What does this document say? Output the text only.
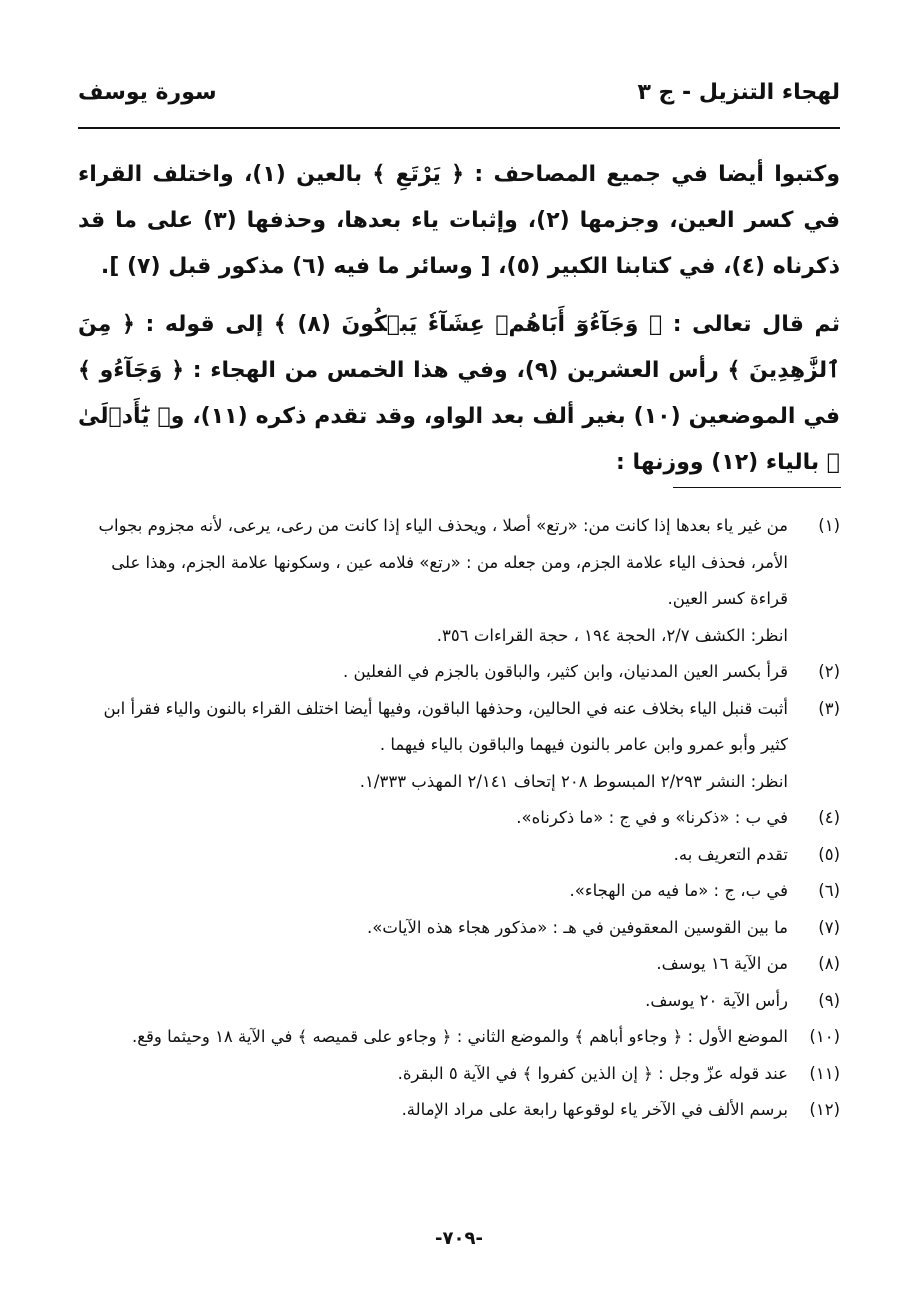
لهجاء التنزيل - ج ٣
سورة يوسف

وكتبوا أيضا في جميع المصاحف : ﴿ يَرْتَعِ ﴾ بالعين (١)، واختلف القراء في كسر العين، وجزمها (٢)، وإثبات ياء بعدها، وحذفها (٣) على ما قد ذكرناه (٤)، في كتابنا الكبير (٥)، [ وسائر ما فيه (٦) مذكور قبل (٧) ].

ثم قال تعالى : ﴿ وَجَآءُوٓ أَبَاهُمۡ عِشَآءٗ يَبۡكُونَ (٨) ﴾ إلى قوله : ﴿ مِنَ ٱلزَّٰهِدِينَ ﴾ رأس العشرين (٩)، وفي هذا الخمس من الهجاء : ﴿ وَجَآءُو ﴾ في الموضعين (١٠) بغير ألف بعد الواو، وقد تقدم ذكره (١١)، و﴿ يَٰٓأَدۡلَىٰ ﴾ بالياء (١٢) ووزنها :

(١)
من غير ياء بعدها إذا كانت من: «رتع» أصلا ، ويحذف الياء إذا كانت من رعى، يرعى، لأنه مجزوم بجواب الأمر، فحذف الياء علامة الجزم، ومن جعله من : «رتع» فلامه عين ، وسكونها علامة الجزم، وهذا على قراءة كسر العين.

انظر: الكشف ٢/٧، الحجة ١٩٤ ، حجة القراءات ٣٥٦.

(٢)
قرأ بكسر العين المدنيان، وابن كثير، والباقون بالجزم في الفعلين .

(٣)
أثبت قنبل الياء بخلاف عنه في الحالين، وحذفها الباقون، وفيها أيضا اختلف القراء بالنون والياء فقرأ ابن كثير وأبو عمرو وابن عامر بالنون فيهما والباقون بالياء فيهما .

انظر: النشر ٢/٢٩٣ المبسوط ٢٠٨ إتحاف ٢/١٤١ المهذب ١/٣٣٣.

(٤)
في ب : «ذكرنا» و في ج : «ما ذكرناه».

(٥)
تقدم التعريف به.

(٦)
في ب، ج : «ما فيه من الهجاء».

(٧)
ما بين القوسين المعقوفين في هـ : «مذكور هجاء هذه الآيات».

(٨)
من الآية ١٦ يوسف.

(٩)
رأس الآية ٢٠ يوسف.

(١٠)
الموضع الأول : ﴿ وجاءو أباهم ﴾ والموضع الثاني : ﴿ وجاءو على قميصه ﴾ في الآية ١٨ وحيثما وقع.

(١١)
عند قوله عزّ وجل : ﴿ إن الذين كفروا ﴾ في الآية ٥ البقرة.

(١٢)
برسم الألف في الآخر ياء لوقوعها رابعة على مراد الإمالة.

-٧٠٩-
